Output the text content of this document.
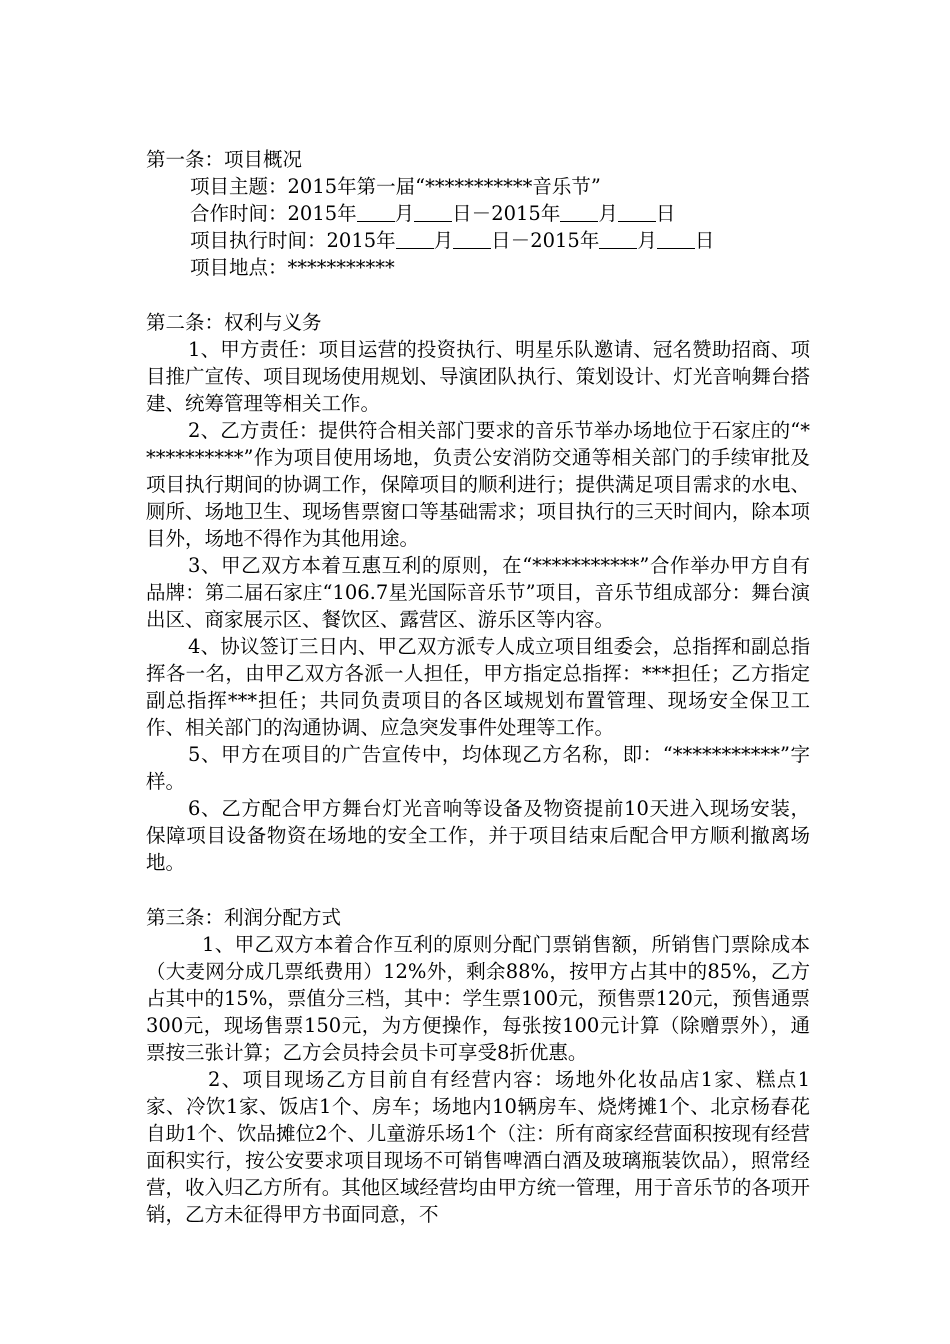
第一条：项目概况

项目主题：2015年第一届“***********音乐节”

合作时间：2015年 月 日－2015年 月 日

项目执行时间：2015年 月 日－2015年 月 日

项目地点：***********

第二条：权利与义务

1、甲方责任：项目运营的投资执行、明星乐队邀请、冠名赞助招商、项目推广宣传、项目现场使用规划、导演团队执行、策划设计、灯光音响舞台搭建、统筹管理等相关工作。

2、乙方责任：提供符合相关部门要求的音乐节举办场地位于石家庄的“***********”作为项目使用场地，负责公安消防交通等相关部门的手续审批及项目执行期间的协调工作，保障项目的顺利进行；提供满足项目需求的水电、厕所、场地卫生、现场售票窗口等基础需求；项目执行的三天时间内，除本项目外，场地不得作为其他用途。

3、甲乙双方本着互惠互利的原则，在“***********”合作举办甲方自有品牌：第二届石家庄“106.7星光国际音乐节”项目，音乐节组成部分：舞台演出区、商家展示区、餐饮区、露营区、游乐区等内容。

4、协议签订三日内、甲乙双方派专人成立项目组委会，总指挥和副总指挥各一名，由甲乙双方各派一人担任，甲方指定总指挥：***担任；乙方指定副总指挥***担任；共同负责项目的各区域规划布置管理、现场安全保卫工作、相关部门的沟通协调、应急突发事件处理等工作。

5、甲方在项目的广告宣传中，均体现乙方名称，即：“***********”字样。

6、乙方配合甲方舞台灯光音响等设备及物资提前10天进入现场安装，保障项目设备物资在场地的安全工作，并于项目结束后配合甲方顺利撤离场地。

第三条：利润分配方式

1、甲乙双方本着合作互利的原则分配门票销售额，所销售门票除成本（大麦网分成几票纸费用）12%外，剩余88%，按甲方占其中的85%，乙方占其中的15%，票值分三档，其中：学生票100元，预售票120元，预售通票300元，现场售票150元，为方便操作，每张按100元计算（除赠票外），通票按三张计算；乙方会员持会员卡可享受8折优惠。

2、项目现场乙方目前自有经营内容：场地外化妆品店1家、糕点1家、冷饮1家、饭店1个、房车；场地内10辆房车、烧烤摊1个、北京杨春花自助1个、饮品摊位2个、儿童游乐场1个（注：所有商家经营面积按现有经营面积实行，按公安要求项目现场不可销售啤酒白酒及玻璃瓶装饮品），照常经营，收入归乙方所有。其他区域经营均由甲方统一管理，用于音乐节的各项开销，乙方未征得甲方书面同意，不
